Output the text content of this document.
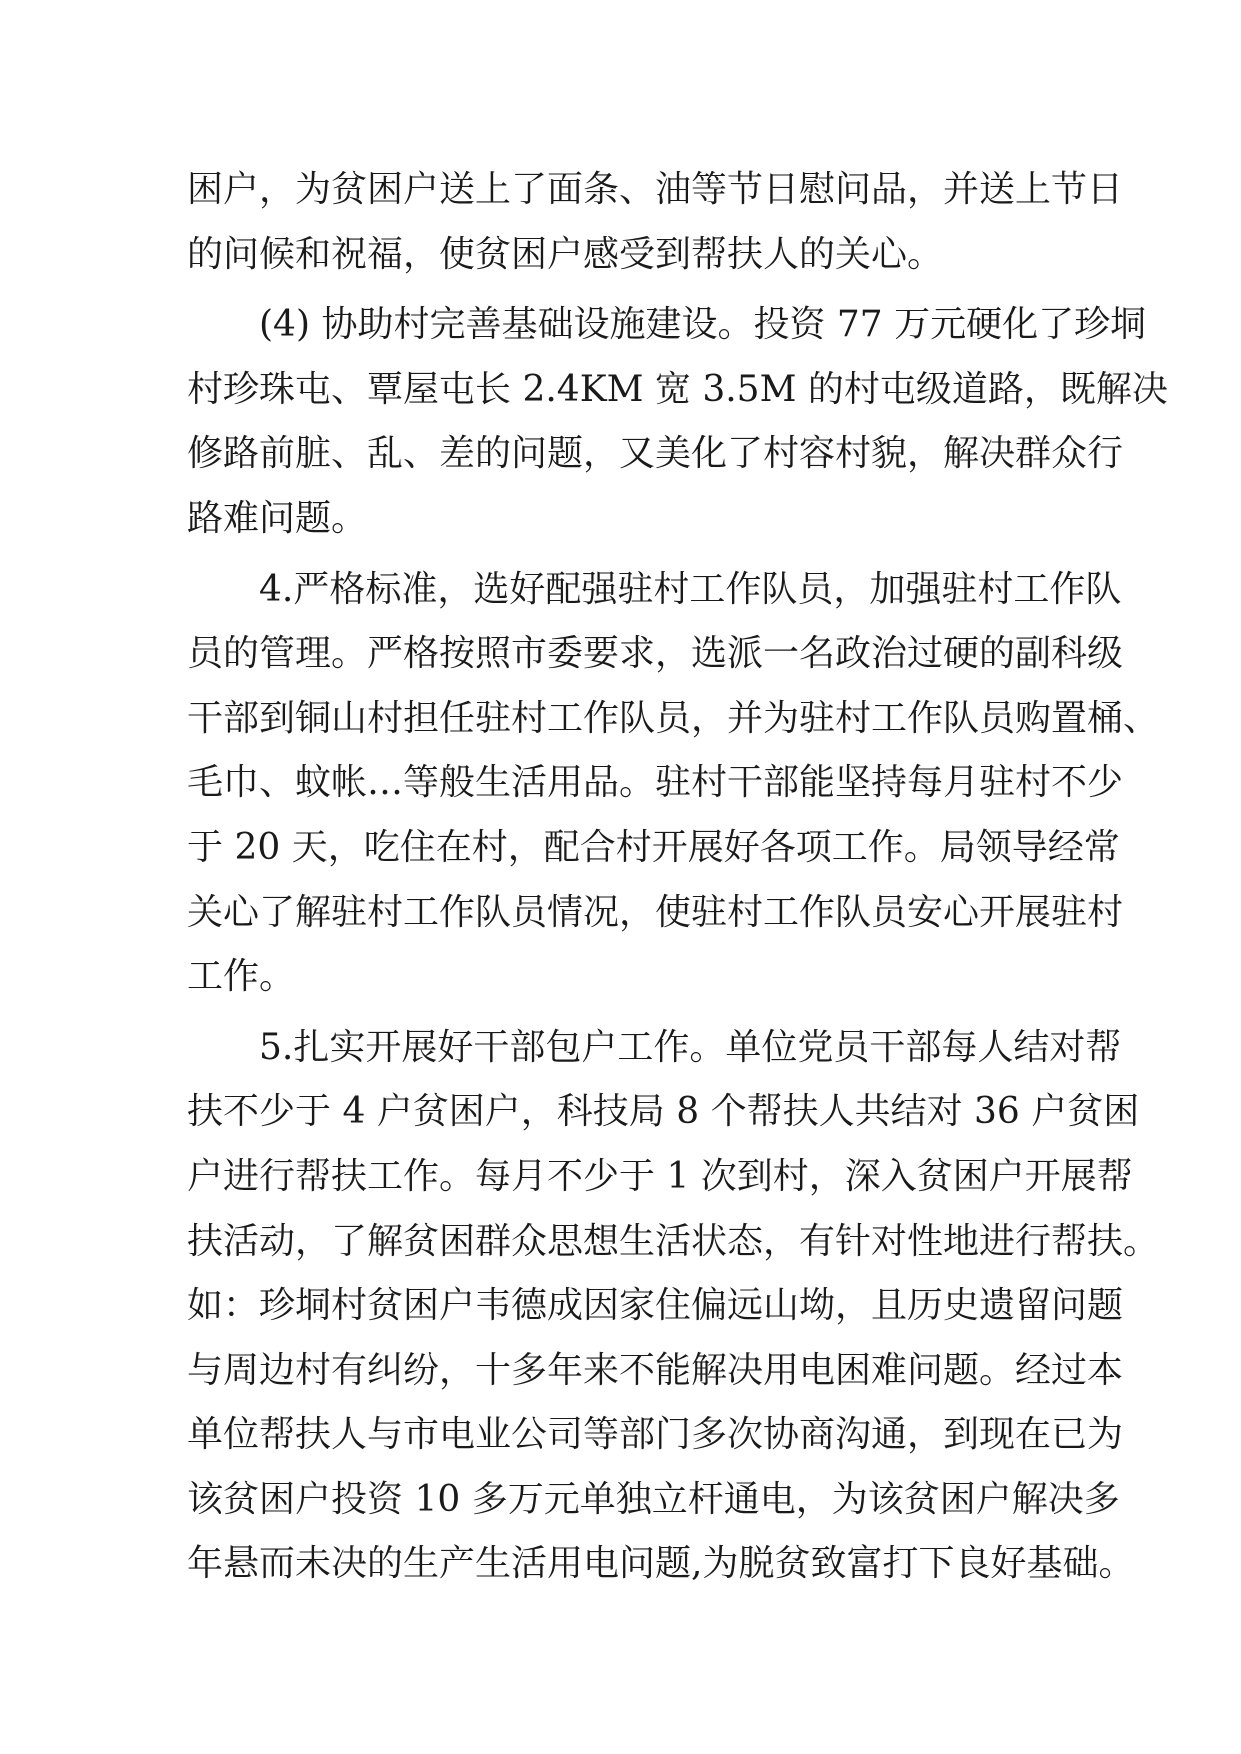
困户，为贫困户送上了面条、油等节日慰问品，并送上节日
的问候和祝福，使贫困户感受到帮扶人的关心。
(4) 协助村完善基础设施建设。投资 77 万元硬化了珍垌
村珍珠屯、覃屋屯长 2.4KM 宽 3.5M 的村屯级道路，既解决
修路前脏、乱、差的问题，又美化了村容村貌，解决群众行
路难问题。
4.严格标准，选好配强驻村工作队员，加强驻村工作队
员的管理。严格按照市委要求，选派一名政治过硬的副科级
干部到铜山村担任驻村工作队员，并为驻村工作队员购置桶、
毛巾、蚊帐…等般生活用品。驻村干部能坚持每月驻村不少
于 20 天，吃住在村，配合村开展好各项工作。局领导经常
关心了解驻村工作队员情况，使驻村工作队员安心开展驻村
工作。
5.扎实开展好干部包户工作。单位党员干部每人结对帮
扶不少于 4 户贫困户，科技局 8 个帮扶人共结对 36 户贫困
户进行帮扶工作。每月不少于 1 次到村，深入贫困户开展帮
扶活动，了解贫困群众思想生活状态，有针对性地进行帮扶。
如：珍垌村贫困户韦德成因家住偏远山坳，且历史遗留问题
与周边村有纠纷，十多年来不能解决用电困难问题。经过本
单位帮扶人与市电业公司等部门多次协商沟通，到现在已为
该贫困户投资 10 多万元单独立杆通电，为该贫困户解决多
年悬而未决的生产生活用电问题,为脱贫致富打下良好基础。
